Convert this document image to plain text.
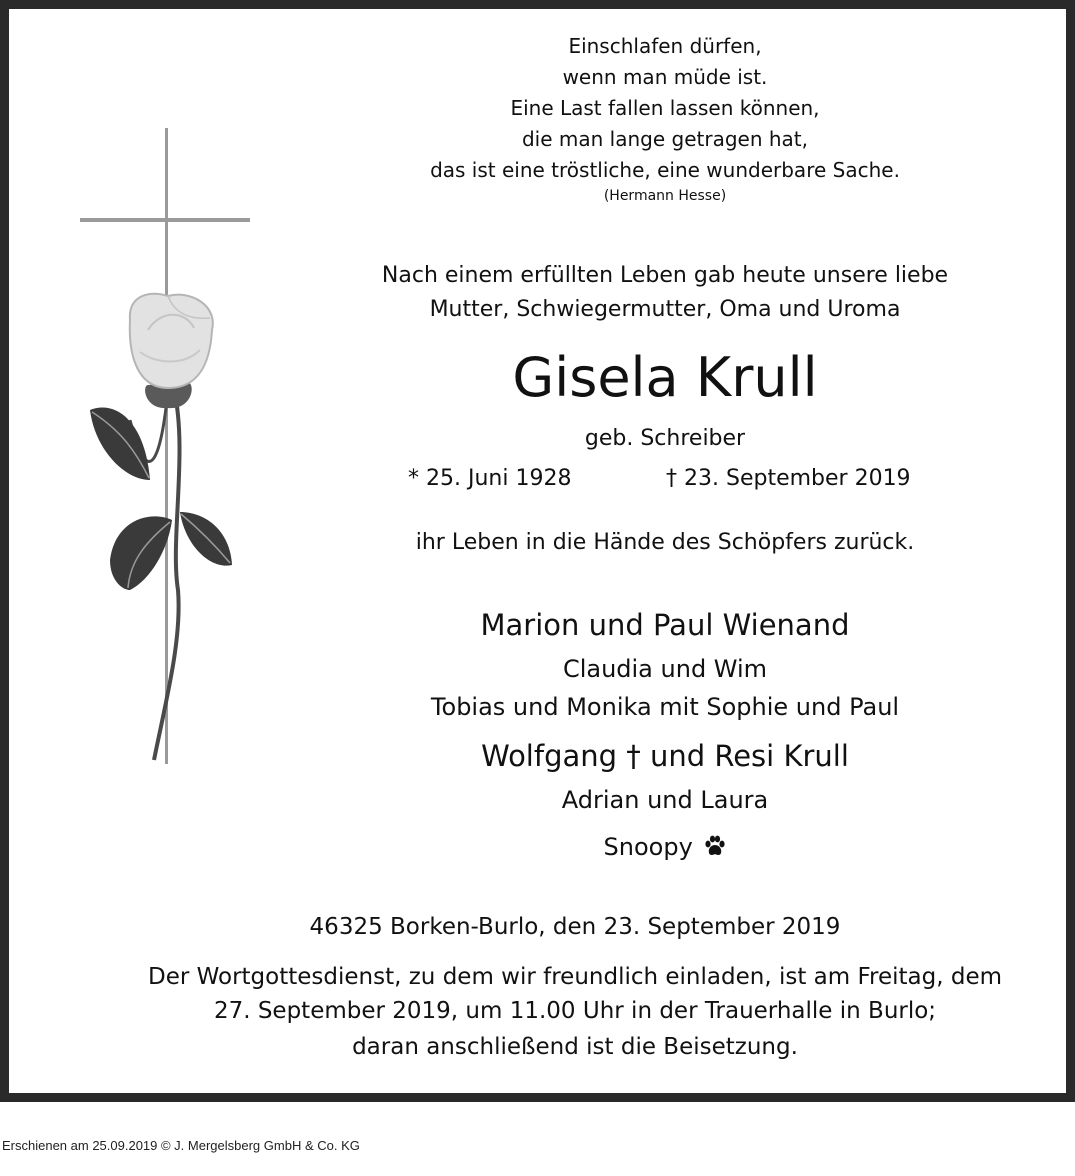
Einschlafen dürfen,
wenn man müde ist.
Eine Last fallen lassen können,
die man lange getragen hat,
das ist eine tröstliche, eine wunderbare Sache.
(Hermann Hesse)
Nach einem erfüllten Leben gab heute unsere liebe
Mutter, Schwiegermutter, Oma und Uroma
Gisela Krull
geb. Schreiber
* 25. Juni 1928	† 23. September 2019
ihr Leben in die Hände des Schöpfers zurück.
Marion und Paul Wienand
Claudia und Wim
Tobias und Monika mit Sophie und Paul
Wolfgang † und Resi Krull
Adrian und Laura
Snoopy
46325 Borken-Burlo, den 23. September 2019
Der Wortgottesdienst, zu dem wir freundlich einladen, ist am Freitag, dem
27. September 2019, um 11.00 Uhr in der Trauerhalle in Burlo;
daran anschließend ist die Beisetzung.
Erschienen am 25.09.2019 © J. Mergelsberg GmbH & Co. KG
